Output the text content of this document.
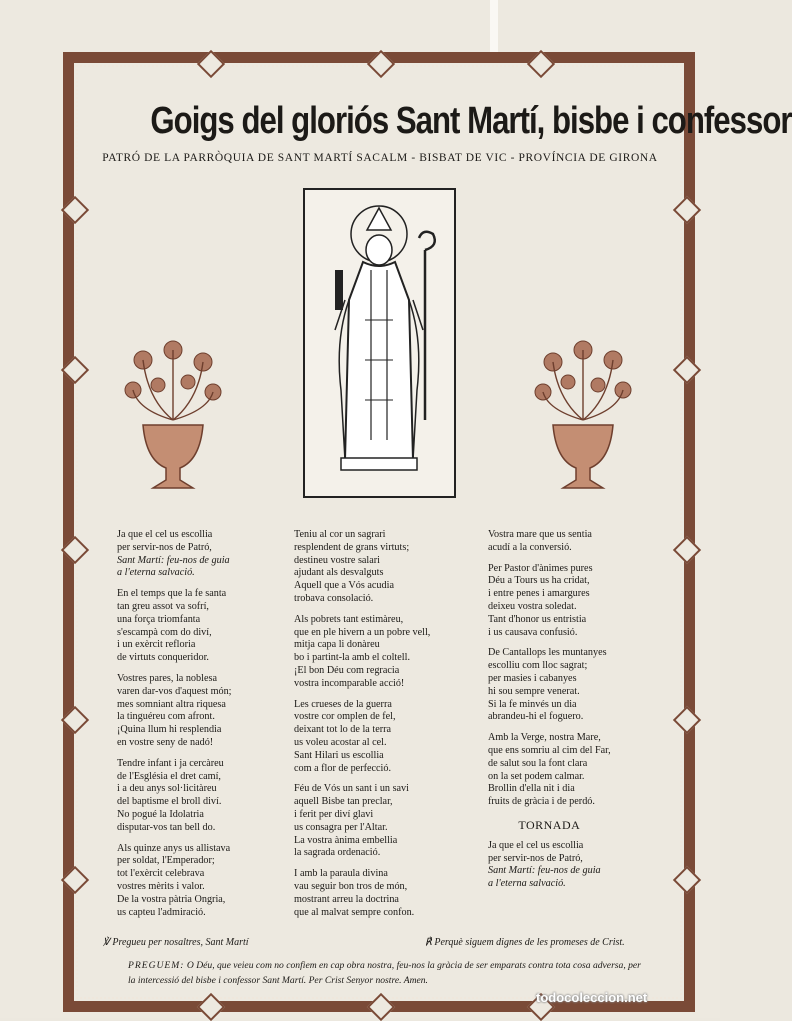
Goigs del gloriós Sant Martí, bisbe i confessor
PATRÓ DE LA PARRÒQUIA DE SANT MARTÍ SACALM - BISBAT DE VIC - PROVÍNCIA DE GIRONA

Ja que el cel us escollia
per servir-nos de Patró,
Sant Martí: feu-nos de guia
a l'eterna salvació.

En el temps que la fe santa
tan greu assot va sofrí,
una força triomfanta
s'escampà com do diví,
i un exèrcit refloria
de virtuts conqueridor.

Vostres pares, la noblesa
varen dar-vos d'aquest món;
mes somniant altra riquesa
la tinguéreu com afront.
¡Quina llum hi resplendia
en vostre seny de nadó!

Tendre infant i ja cercàreu
de l'Església el dret camí,
i a deu anys sol·licitàreu
del baptisme el broll diví.
No pogué la Idolatria
disputar-vos tan bell do.

Als quinze anys us allistava
per soldat, l'Emperador;
tot l'exèrcit celebrava
vostres mèrits i valor.
De la vostra pàtria Ongria,
us capteu l'admiració.

Teniu al cor un sagrari
resplendent de grans virtuts;
destineu vostre salari
ajudant als desvalguts
Aquell que a Vós acudia
trobava consolació.

Als pobrets tant estimàreu,
que en ple hivern a un pobre vell,
mitja capa li donàreu
bo i partint-la amb el coltell.
¡El bon Déu com regracia
vostra incomparable acció!

Les crueses de la guerra
vostre cor omplen de fel,
deixant tot lo de la terra
us voleu acostar al cel.
Sant Hilari us escollia
com a flor de perfecció.

Féu de Vós un sant i un savi
aquell Bisbe tan preclar,
i ferit per diví glavi
us consagra per l'Altar.
La vostra ànima embellia
la sagrada ordenació.

I amb la paraula divina
vau seguir bon tros de món,
mostrant arreu la doctrina
que al malvat sempre confon.

Vostra mare que us sentia
acudí a la conversió.

Per Pastor d'ànimes pures
Déu a Tours us ha cridat,
i entre penes i amargures
deixeu vostra soledat.
Tant d'honor us entristia
i us causava confusió.

De Cantallops les muntanyes
escolliu com lloc sagrat;
per masies i cabanyes
hi sou sempre venerat.
Si la fe minvés un dia
abrandeu-hi el foguero.

Amb la Verge, nostra Mare,
que ens somriu al cim del Far,
de salut sou la font clara
on la set podem calmar.
Brollin d'ella nit i dia
fruits de gràcia i de perdó.

TORNADA
Ja que el cel us escollia
per servir-nos de Patró,
Sant Martí: feu-nos de guia
a l'eterna salvació.
℣ Pregueu per nosaltres, Sant Martí	℟ Perquè siguem dignes de les promeses de Crist.
PREGUEM: O Déu, que veieu com no confiem en cap obra nostra, feu-nos la gràcia de ser emparats contra tota cosa adversa, per la intercessió del bisbe i confessor Sant Martí. Per Crist Senyor nostre. Amen.
todocoleccion.net
